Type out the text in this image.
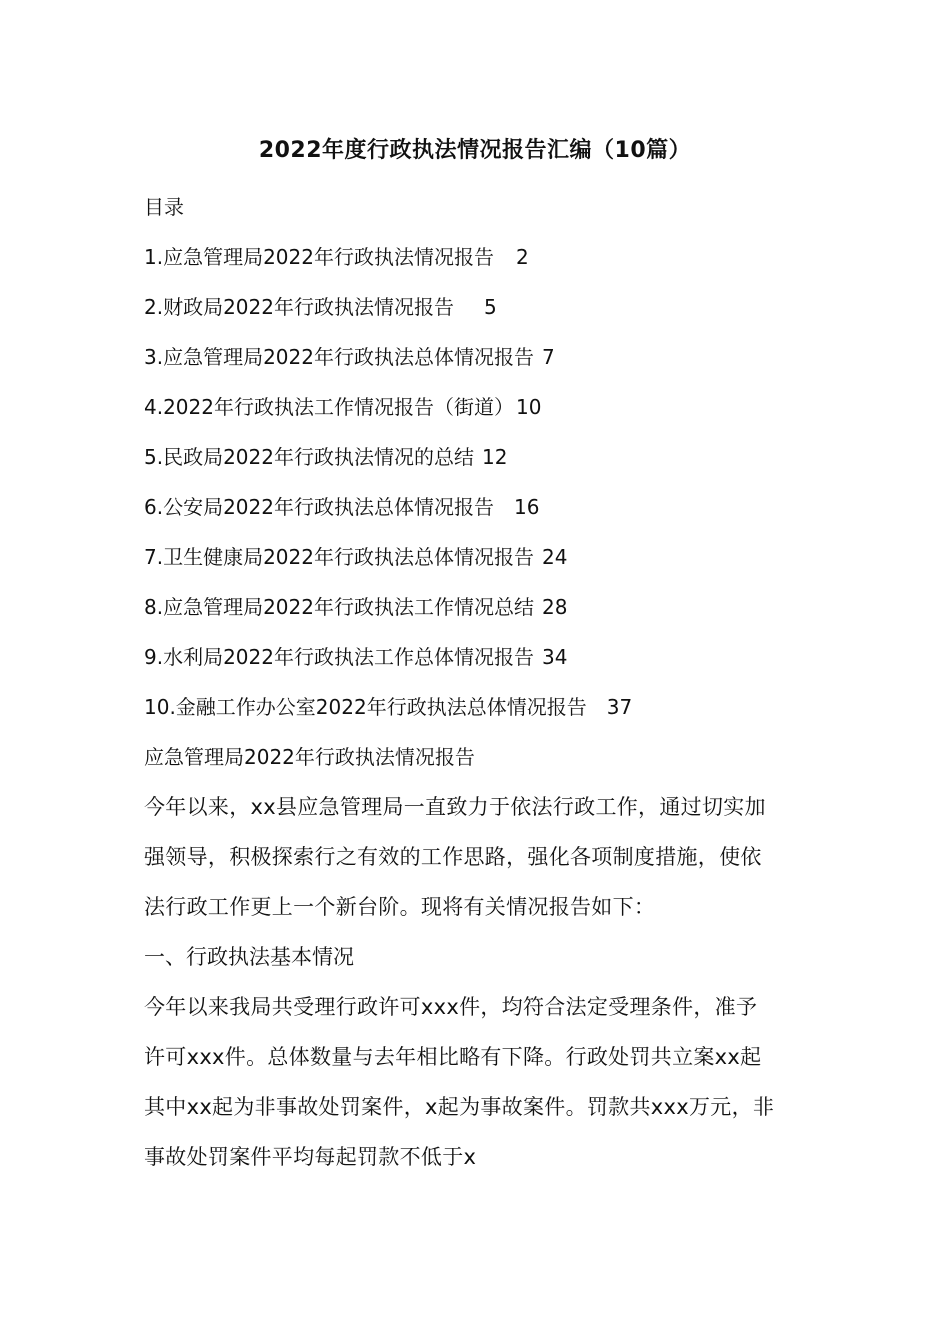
2022年度行政执法情况报告汇编（10篇）
目录
1.应急管理局2022年行政执法情况报告 2
2.财政局2022年行政执法情况报告 5
3.应急管理局2022年行政执法总体情况报告 7
4.2022年行政执法工作情况报告（街道） 10
5.民政局2022年行政执法情况的总结 12
6.公安局2022年行政执法总体情况报告 16
7.卫生健康局2022年行政执法总体情况报告 24
8.应急管理局2022年行政执法工作情况总结 28
9.水利局2022年行政执法工作总体情况报告 34
10.金融工作办公室2022年行政执法总体情况报告 37
应急管理局2022年行政执法情况报告
今年以来，xx县应急管理局一直致力于依法行政工作，通过切实加
强领导，积极探索行之有效的工作思路，强化各项制度措施，使依
法行政工作更上一个新台阶。现将有关情况报告如下：
一、行政执法基本情况
今年以来我局共受理行政许可xxx件，均符合法定受理条件，准予
许可xxx件。总体数量与去年相比略有下降。行政处罚共立案xx起
其中xx起为非事故处罚案件，x起为事故案件。罚款共xxx万元，非
事故处罚案件平均每起罚款不低于x
